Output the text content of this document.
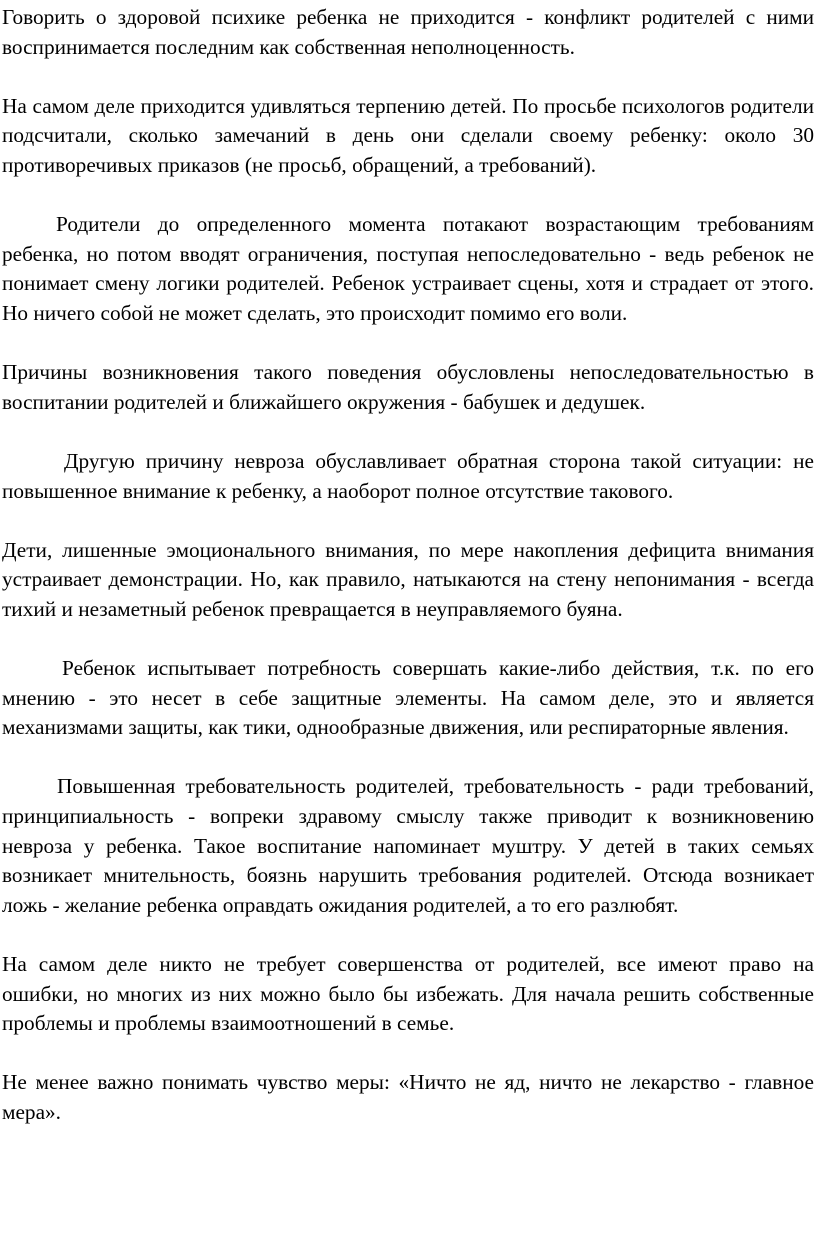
Говорить о здоровой психике ребенка не приходится - конфликт родителей с ними воспринимается последним как собственная неполноценность.

На самом деле приходится удивляться терпению детей. По просьбе психологов родители подсчитали, сколько замечаний в день они сделали своему ребенку: около 30 противоречивых приказов (не просьб, обращений, а требований).

Родители до определенного момента потакают возрастающим требованиям ребенка, но потом вводят ограничения, поступая непоследовательно - ведь ребенок не понимает смену логики родителей. Ребенок устраивает сцены, хотя и страдает от этого. Но ничего собой не может сделать, это происходит помимо его воли.

Причины возникновения такого поведения обусловлены непоследовательностью в воспитании родителей и ближайшего окружения - бабушек и дедушек.

Другую причину невроза обуславливает обратная сторона такой ситуации: не повышенное внимание к ребенку, а наоборот полное отсутствие такового.

Дети, лишенные эмоционального внимания, по мере накопления дефицита внимания устраивает демонстрации. Но, как правило, натыкаются на стену непонимания - всегда тихий и незаметный ребенок превращается в неуправляемого буяна.

Ребенок испытывает потребность совершать какие-либо действия, т.к. по его мнению - это несет в себе защитные элементы. На самом деле, это и является механизмами защиты, как тики, однообразные движения, или респираторные явления.

Повышенная требовательность родителей, требовательность - ради требований, принципиальность - вопреки здравому смыслу также приводит к возникновению невроза у ребенка. Такое воспитание напоминает муштру. У детей в таких семьях возникает мнительность, боязнь нарушить требования родителей. Отсюда возникает ложь - желание ребенка оправдать ожидания родителей, а то его разлюбят.

На самом деле никто не требует совершенства от родителей, все имеют право на ошибки, но многих из них можно было бы избежать. Для начала решить собственные проблемы и проблемы взаимоотношений в семье.

Не менее важно понимать чувство меры: «Ничто не яд, ничто не лекарство - главное мера».
